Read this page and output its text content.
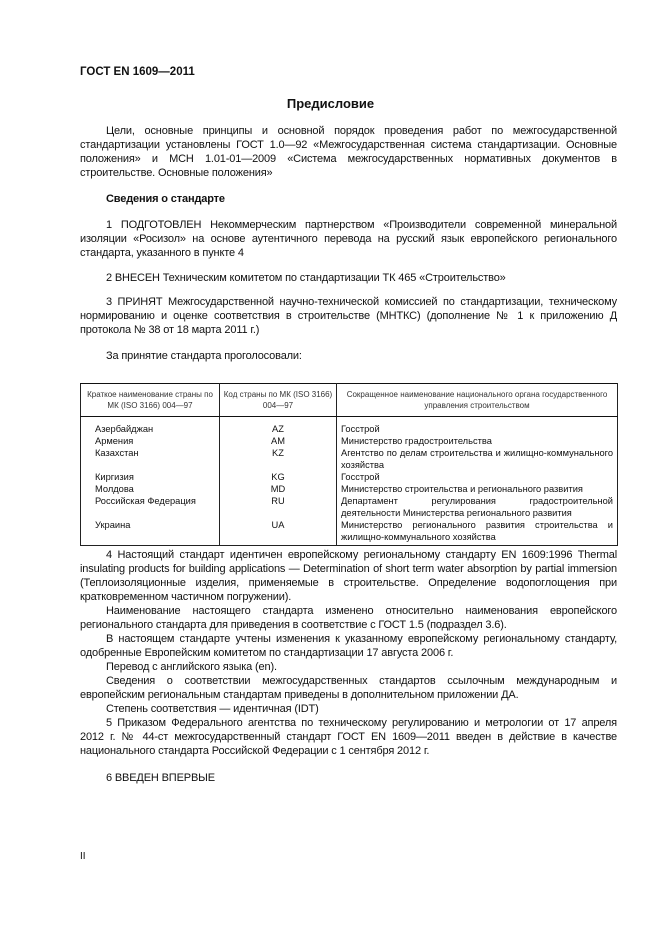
ГОСТ EN 1609—2011
Предисловие

Цели, основные принципы и основной порядок проведения работ по межгосударственной стандартизации установлены ГОСТ 1.0—92 «Межгосударственная система стандартизации. Основные положения» и МСН 1.01-01—2009 «Система межгосударственных нормативных документов в строительстве. Основные положения»

Сведения о стандарте

1 ПОДГОТОВЛЕН Некоммерческим партнерством «Производители современной минеральной изоляции «Росизол» на основе аутентичного перевода на русский язык европейского регионального стандарта, указанного в пункте 4

2 ВНЕСЕН Техническим комитетом по стандартизации ТК 465 «Строительство»

3 ПРИНЯТ Межгосударственной научно-технической комиссией по стандартизации, техническому нормированию и оценке соответствия в строительстве (МНТКС) (дополнение № 1 к приложению Д протокола № 38 от 18 марта 2011 г.)

За принятие стандарта проголосовали:

Краткое наименование страны по МК (ISO 3166) 004—97	Код страны по МК (ISO 3166) 004—97	Сокращенное наименование национального органа государственного управления строительством
Азербайджан	AZ	Госстрой
Армения	AM	Министерство градостроительства
Казахстан	KZ	Агентство по делам строительства и жилищно-коммунального хозяйства
Киргизия	KG	Госстрой
Молдова	MD	Министерство строительства и регионального развития
Российская Федерация	RU	Департамент регулирования градостроительной деятельности Министерства регионального развития
Украина	UA	Министерство регионального развития строительства и жилищно-коммунального хозяйства

4 Настоящий стандарт идентичен европейскому региональному стандарту EN 1609:1996 Thermal insulating products for building applications — Determination of short term water absorption by partial immersion (Теплоизоляционные изделия, применяемые в строительстве. Определение водопоглощения при кратковременном частичном погружении).

Наименование настоящего стандарта изменено относительно наименования европейского регионального стандарта для приведения в соответствие с ГОСТ 1.5 (подраздел 3.6).

В настоящем стандарте учтены изменения к указанному европейскому региональному стандарту, одобренные Европейским комитетом по стандартизации 17 августа 2006 г.

Перевод с английского языка (en).

Сведения о соответствии межгосударственных стандартов ссылочным международным и европейским региональным стандартам приведены в дополнительном приложении ДА.

Степень соответствия — идентичная (IDT)

5 Приказом Федерального агентства по техническому регулированию и метрологии от 17 апреля 2012 г. № 44-ст межгосударственный стандарт ГОСТ EN 1609—2011 введен в действие в качестве национального стандарта Российской Федерации с 1 сентября 2012 г.

6 ВВЕДЕН ВПЕРВЫЕ

II
